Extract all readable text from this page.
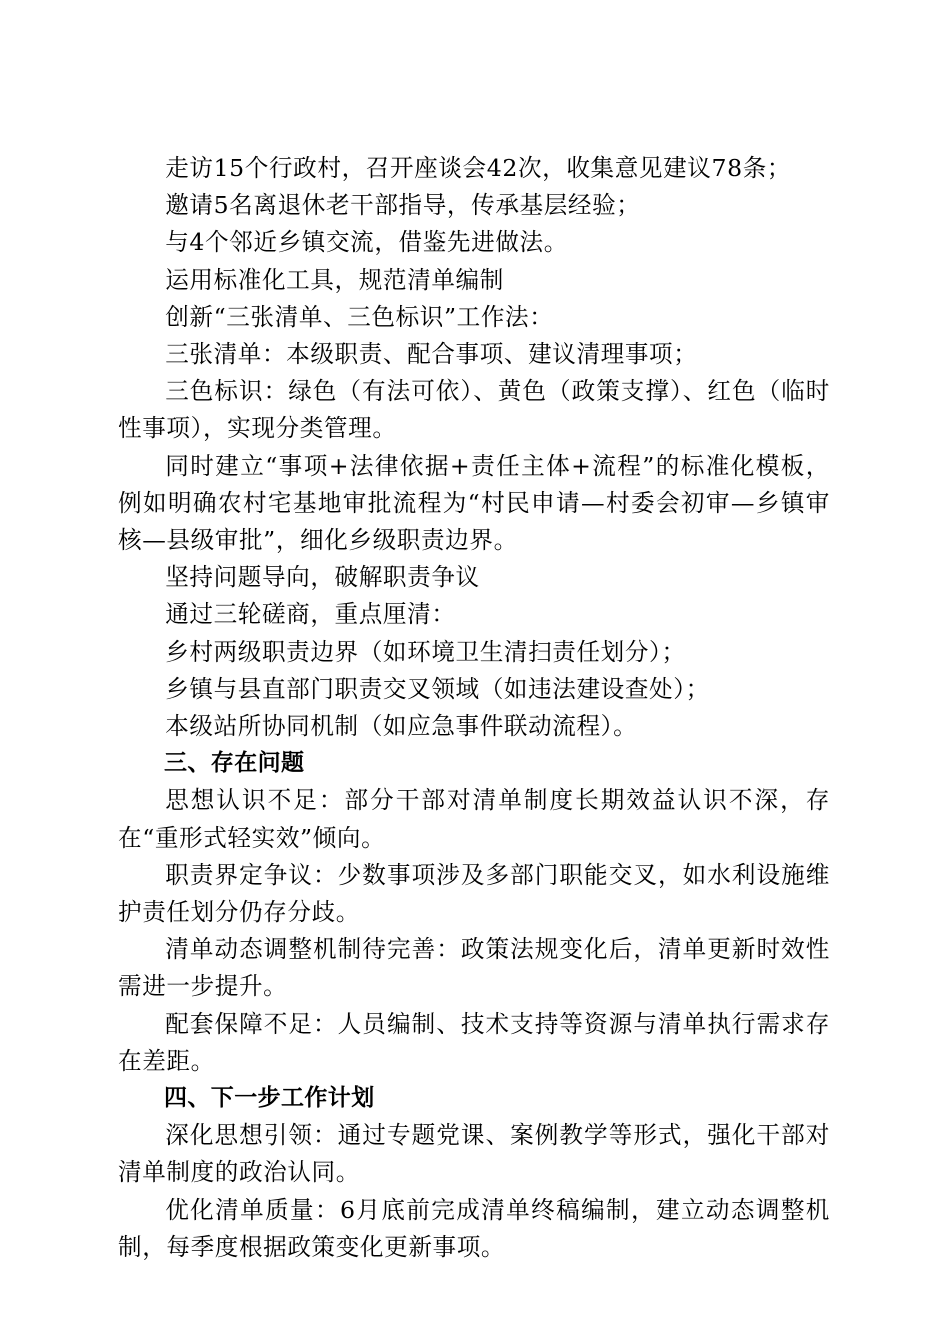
走访15个行政村，召开座谈会42次，收集意见建议78条；

邀请5名离退休老干部指导，传承基层经验；

与4个邻近乡镇交流，借鉴先进做法。

运用标准化工具，规范清单编制

创新“三张清单、三色标识”工作法：

三张清单：本级职责、配合事项、建议清理事项；

三色标识：绿色（有法可依）、黄色（政策支撑）、红色（临时性事项），实现分类管理。

同时建立“事项+法律依据+责任主体+流程”的标准化模板，例如明确农村宅基地审批流程为“村民申请—村委会初审—乡镇审核—县级审批”，细化乡级职责边界。

坚持问题导向，破解职责争议

通过三轮磋商，重点厘清：

乡村两级职责边界（如环境卫生清扫责任划分）；

乡镇与县直部门职责交叉领域（如违法建设查处）；

本级站所协同机制（如应急事件联动流程）。

三、存在问题

思想认识不足：部分干部对清单制度长期效益认识不深，存在“重形式轻实效”倾向。

职责界定争议：少数事项涉及多部门职能交叉，如水利设施维护责任划分仍存分歧。

清单动态调整机制待完善：政策法规变化后，清单更新时效性需进一步提升。

配套保障不足：人员编制、技术支持等资源与清单执行需求存在差距。

四、下一步工作计划

深化思想引领：通过专题党课、案例教学等形式，强化干部对清单制度的政治认同。

优化清单质量：6月底前完成清单终稿编制，建立动态调整机制，每季度根据政策变化更新事项。
